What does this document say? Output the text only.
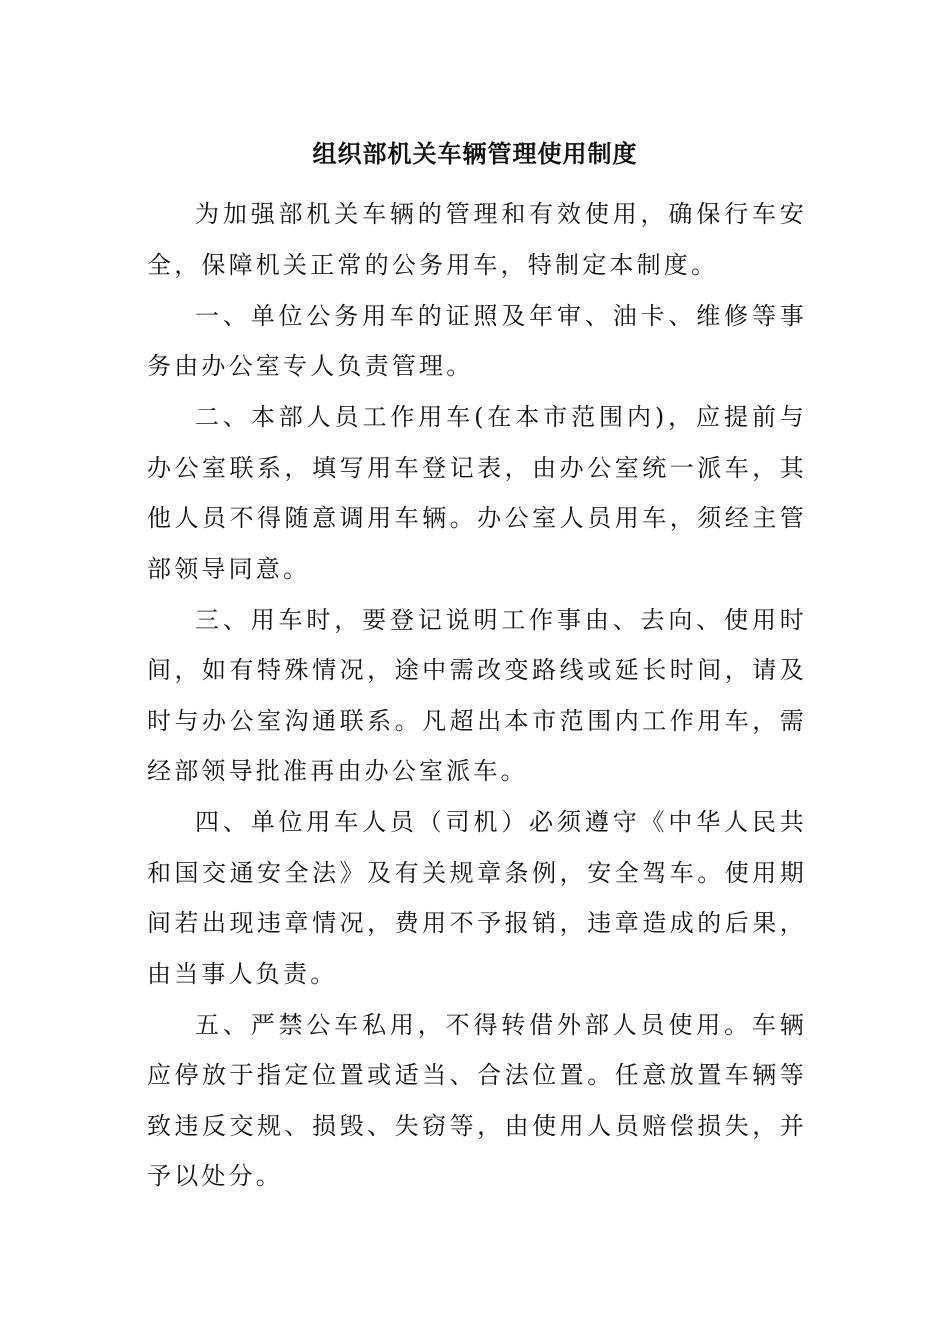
组织部机关车辆管理使用制度

为加强部机关车辆的管理和有效使用，确保行车安全，保障机关正常的公务用车，特制定本制度。

一、单位公务用车的证照及年审、油卡、维修等事务由办公室专人负责管理。

二、本部人员工作用车(在本市范围内)，应提前与办公室联系，填写用车登记表，由办公室统一派车，其他人员不得随意调用车辆。办公室人员用车，须经主管部领导同意。

三、用车时，要登记说明工作事由、去向、使用时间，如有特殊情况，途中需改变路线或延长时间，请及时与办公室沟通联系。凡超出本市范围内工作用车，需经部领导批准再由办公室派车。

四、单位用车人员（司机）必须遵守《中华人民共和国交通安全法》及有关规章条例，安全驾车。使用期间若出现违章情况，费用不予报销，违章造成的后果，由当事人负责。

五、严禁公车私用，不得转借外部人员使用。车辆应停放于指定位置或适当、合法位置。任意放置车辆等致违反交规、损毁、失窃等，由使用人员赔偿损失，并予以处分。
